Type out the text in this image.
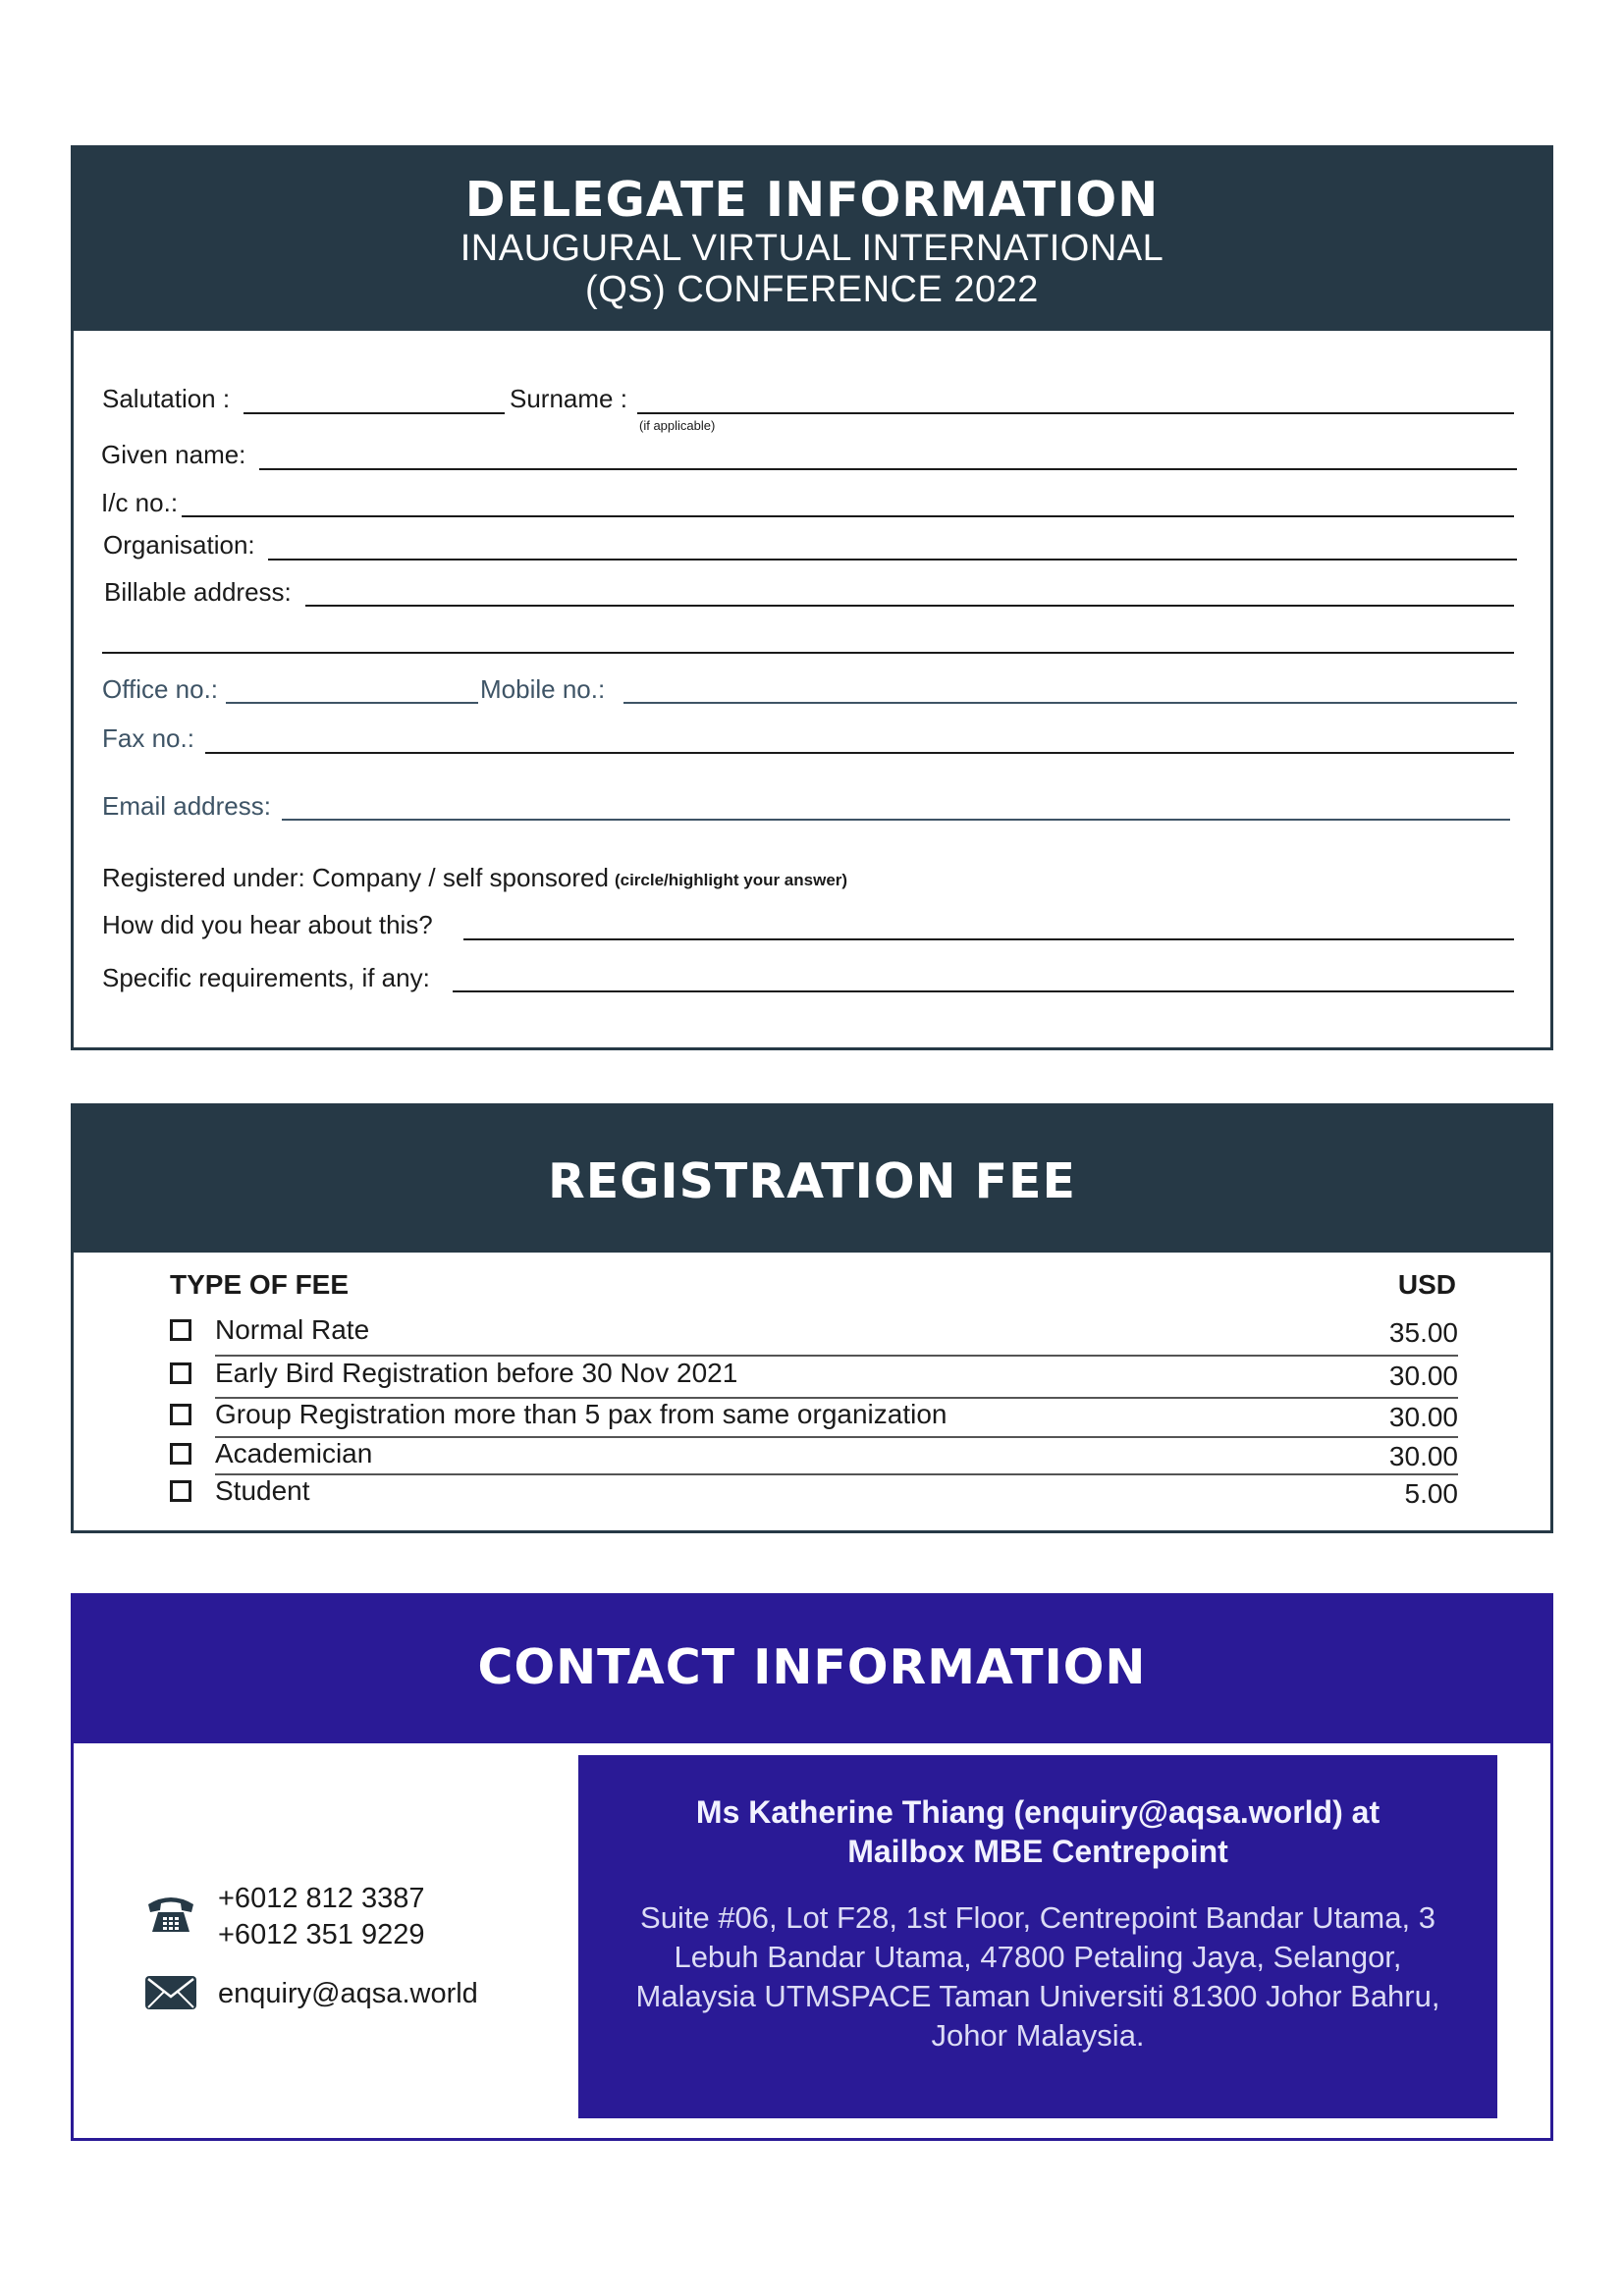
DELEGATE INFORMATION
INAUGURAL VIRTUAL INTERNATIONAL
(QS) CONFERENCE 2022
Salutation :	Surname :
(if applicable)
Given name:
I/c no.:
Organisation:
Billable address:
Office no.:	Mobile no.:
Fax no.:
Email address:
Registered under: Company / self sponsored (circle/highlight your answer)
How did you hear about this?
Specific requirements, if any:
REGISTRATION FEE
TYPE OF FEE	USD
Normal Rate	35.00
Early Bird Registration before 30 Nov 2021	30.00
Group Registration more than 5 pax from same organization	30.00
Academician	30.00
Student	5.00
CONTACT INFORMATION
+6012 812 3387
+6012 351 9229
enquiry@aqsa.world
Ms Katherine Thiang (enquiry@aqsa.world) at
Mailbox MBE Centrepoint
Suite #06, Lot F28, 1st Floor, Centrepoint Bandar Utama, 3 Lebuh Bandar Utama, 47800 Petaling Jaya, Selangor, Malaysia UTMSPACE Taman Universiti 81300 Johor Bahru, Johor Malaysia.
